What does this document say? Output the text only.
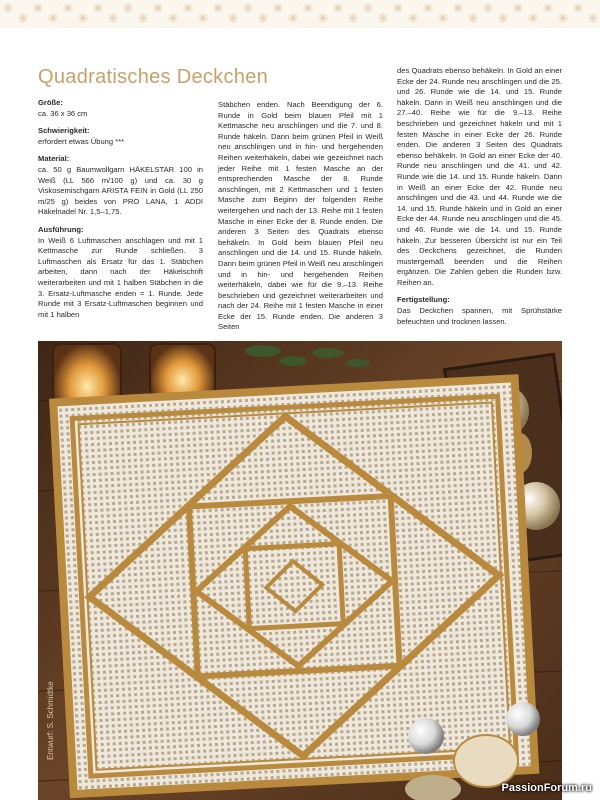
Quadratisches Deckchen
Größe:
ca. 36 x 36 cm
Schwierigkeit:
erfordert etwas Übung ***
Material:
ca. 50 g Baumwollgarn HÄKELSTAR 100 in Weiß (LL 566 m/100 g) und ca. 30 g Viskosemischgarn ARISTA FEIN in Gold (LL 250 m/25 g) beides von PRO LANA, 1 ADDI Häkelnadel Nr. 1,5–1,75.
Ausführung:
In Weiß 6 Luftmaschen anschlagen und mit 1 Kettmasche zur Runde schließen. 3 Luftmaschen als Ersatz für das 1. Stäbchen arbeiten, dann nach der Häkelschrift weiterarbeiten und mit 1 halben Stäbchen in die 3. Ersatz-Luftmasche enden = 1. Runde. Jede Runde mit 3 Ersatz-Luftmaschen beginnen und mit 1 halben
Stäbchen enden. Nach Beendigung der 6. Runde in Gold beim blauen Pfeil mit 1 Kettmasche neu anschlingen und die 7. und 8. Runde häkeln. Dann beim grünen Pfeil in Weiß neu anschlingen und in hin- und hergehenden Reihen weiterhäkeln, dabei wie gezeichnet nach jeder Reihe mit 1 festen Masche an der entsprechenden Masche der 8. Runde anschlingen, mit 2 Kettmaschen und 1 festen Masche zum Beginn der folgenden Reihe weitergehen und nach der 13. Reihe mit 1 festen Masche in einer Ecke der 8. Runde enden. Die anderen 3 Seiten des Quadrats ebenso behäkeln. In Gold beim blauen Pfeil neu anschlingen und die 14. und 15. Runde häkeln. Dann beim grünen Pfeil in Weiß neu anschlingen und in hin- und hergehenden Reihen weiterhäkeln, dabei wie für die 9.–13. Reihe beschrieben und gezeichnet weiterarbeiten und nach der 24. Reihe mit 1 festen Masche in einer Ecke der 15. Runde enden. Die anderen 3 Seiten
des Quadrats ebenso behäkeln. In Gold an einer Ecke der 24. Runde neu anschlingen und die 25. und 26. Runde wie die 14. und 15. Runde häkeln. Dann in Weiß neu anschlingen und die 27.–40. Reihe wie für die 9.–13. Reihe beschrieben und gezeichnet häkeln und mit 1 festen Masche in einer Ecke der 26. Runde enden. Die anderen 3 Seiten des Quadrats ebenso behäkeln. In Gold an einer Ecke der 40. Runde neu anschlingen und die 41. und 42. Runde wie die 14. und 15. Runde häkeln. Dann in Weiß an einer Ecke der 42. Runde neu anschlingen und die 43. und 44. Runde wie die 14. und 15. Runde häkeln und in Gold an einer Ecke der 44. Runde neu anschlingen und die 45. und 46. Runde wie die 14. und 15. Runde häkeln. Zur besseren Übersicht ist nur ein Teil des Deckchens gezeichnet, die Runden mustergemäß beenden und die Reihen ergänzen. Die Zahlen geben die Runden bzw. Reihen an.
Fertigstellung:
Das Deckchen spannen, mit Sprühstärke befeuchten und trocknen lassen.
Entwurf: S. Schmidtke
PassionForum.ru
